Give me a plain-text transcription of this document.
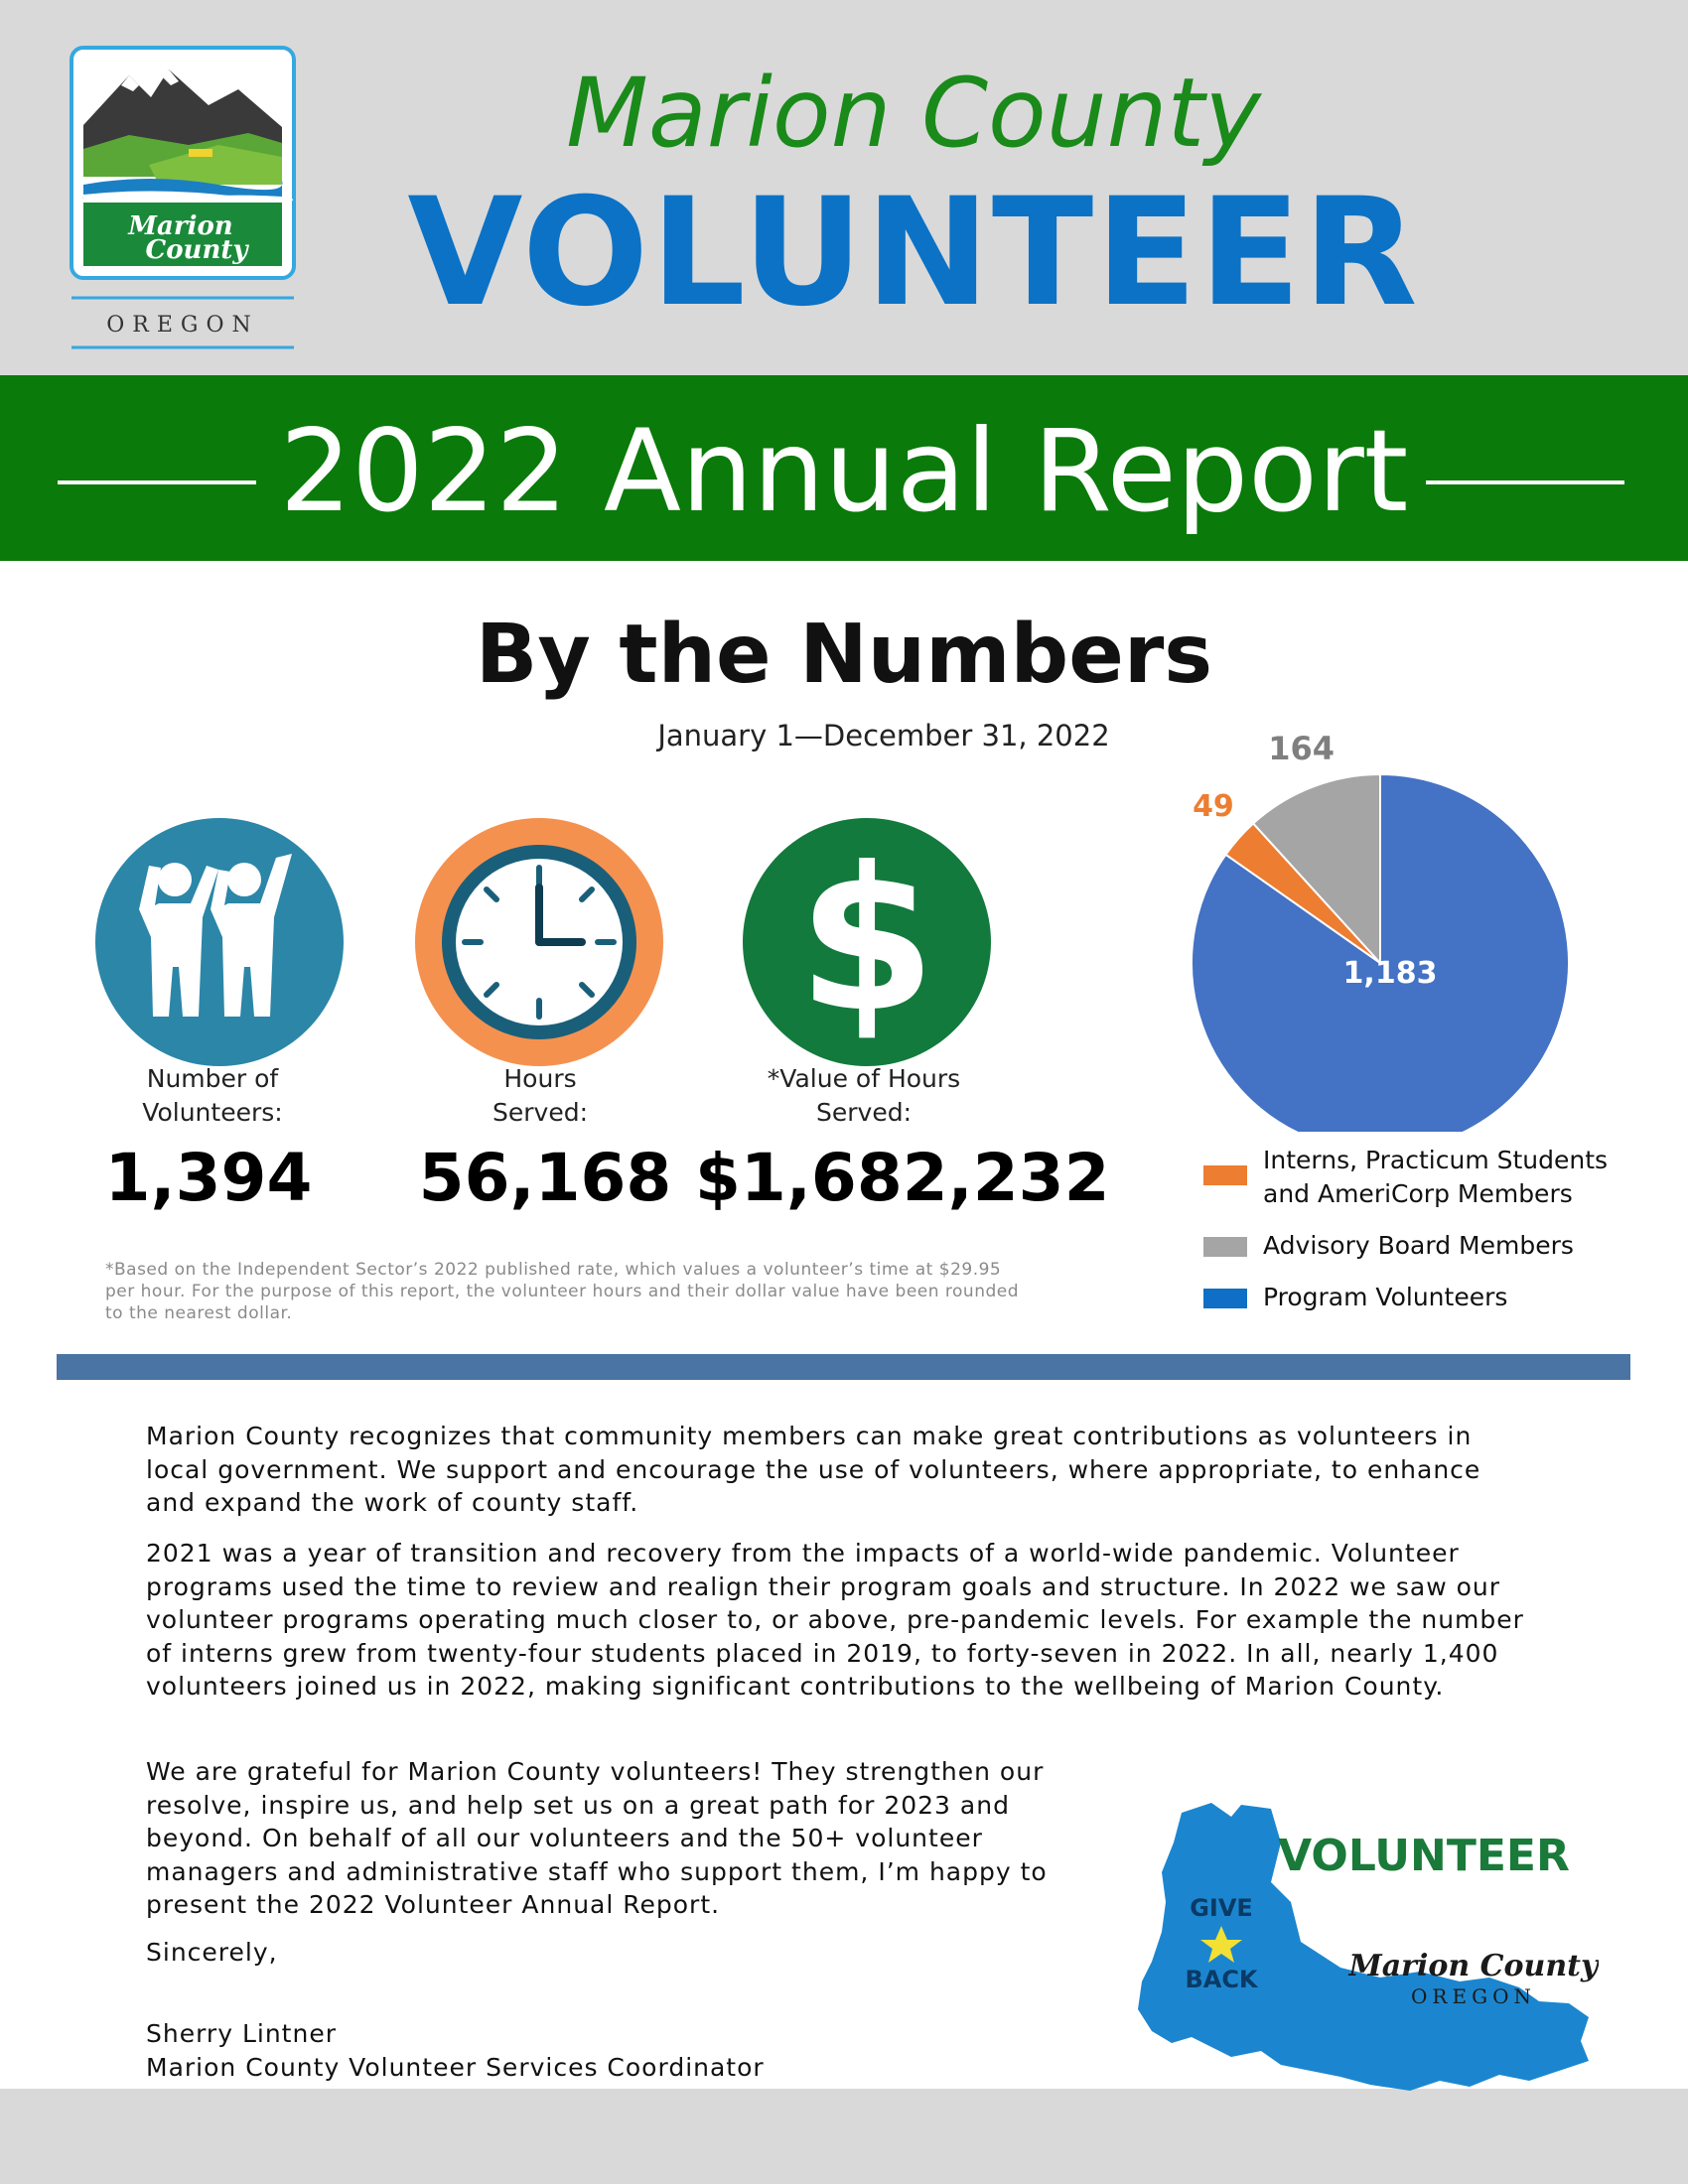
Marion
County
OREGON
Marion County
VOLUNTEER
2022 Annual Report
By the Numbers
January 1—December 31, 2022
$
Number of
Volunteers:
Hours
Served:
*Value of Hours
Served:
1,394	56,168 $1,682,232
*Based on the Independent Sector’s 2022 published rate, which values a volunteer’s time at $29.95 per hour. For the purpose of this report, the volunteer hours and their dollar value have been rounded to the nearest dollar.
49
164
1,183
Interns, Practicum Students
and AmeriCorp Members
Advisory Board Members
Program Volunteers
Marion County recognizes that community members can make great contributions as volunteers in local government. We support and encourage the use of volunteers, where appropriate, to enhance and expand the work of county staff.
2021 was a year of transition and recovery from the impacts of a world-wide pandemic. Volunteer programs used the time to review and realign their program goals and structure. In 2022 we saw our volunteer programs operating much closer to, or above, pre-pandemic levels. For example the number of interns grew from twenty-four students placed in 2019, to forty-seven in 2022. In all, nearly 1,400 volunteers joined us in 2022, making significant contributions to the wellbeing of Marion County.
We are grateful for Marion County volunteers! They strengthen our resolve, inspire us, and help set us on a great path for 2023 and beyond. On behalf of all our volunteers and the 50+ volunteer managers and administrative staff who support them, I’m happy to present the 2022 Volunteer Annual Report.
Sincerely,
Sherry Lintner
Marion County Volunteer Services Coordinator
VOLUNTEER
GIVE
BACK	Marion County
OREGON
